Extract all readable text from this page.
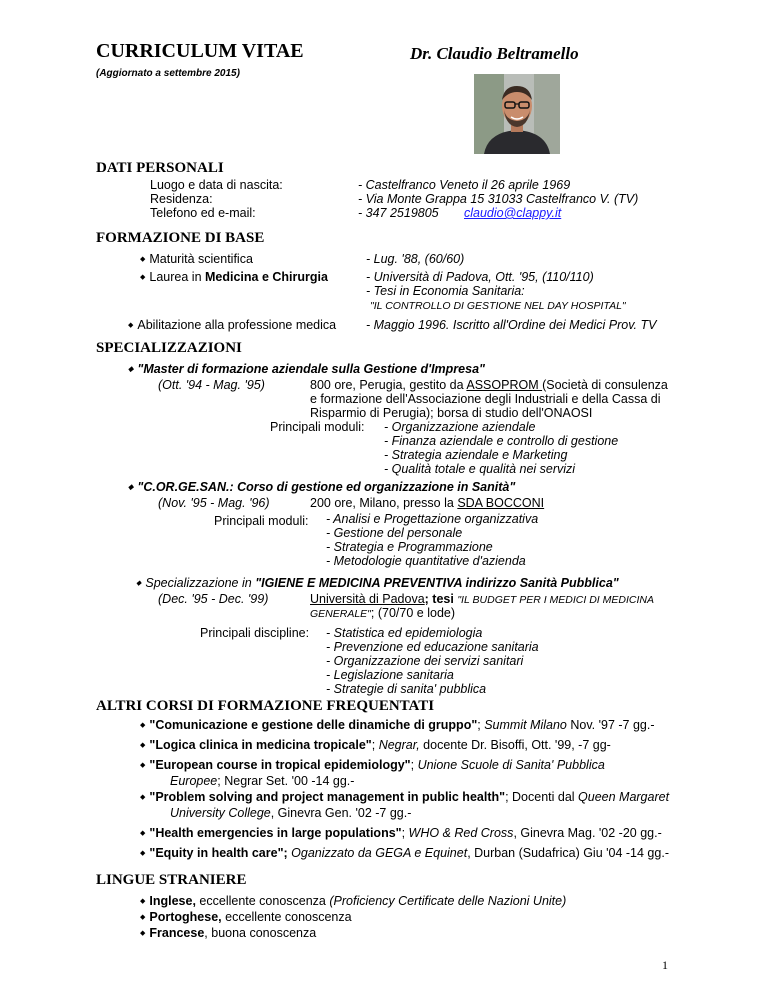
CURRICULUM VITAE	Dr. Claudio Beltramello
(Aggiornato a settembre 2015)
DATI PERSONALI
Luogo e data di nascita:	- Castelfranco Veneto il 26 aprile 1969
Residenza:	- Via Monte Grappa 15 31033 Castelfranco V. (TV)
Telefono ed e-mail:	- 347 2519805 claudio@clappy.it
FORMAZIONE DI BASE
◆ Maturità scientifica	- Lug. '88, (60/60)
◆ Laurea in Medicina e Chirurgia	- Università di Padova, Ott. '95, (110/110)
- Tesi in Economia Sanitaria:
"IL CONTROLLO DI GESTIONE NEL DAY HOSPITAL"
◆ Abilitazione alla professione medica - Maggio 1996. Iscritto all'Ordine dei Medici Prov. TV
SPECIALIZZAZIONI
◆ "Master di formazione aziendale sulla Gestione d'Impresa"
(Ott. '94 - Mag. '95)	800 ore, Perugia, gestito da ASSOPROM (Società di consulenza
e formazione dell'Associazione degli Industriali e della Cassa di
Risparmio di Perugia); borsa di studio dell'ONAOSI
Principali moduli: - Organizzazione aziendale
- Finanza aziendale e controllo di gestione
- Strategia aziendale e Marketing
- Qualità totale e qualità nei servizi
◆ "C.OR.GE.SAN.: Corso di gestione ed organizzazione in Sanità"
(Nov. '95 - Mag. '96)	200 ore, Milano, presso la SDA BOCCONI
Principali moduli: - Analisi e Progettazione organizzativa
- Gestione del personale
- Strategia e Programmazione
- Metodologie quantitative d'azienda
◆ Specializzazione in "IGIENE E MEDICINA PREVENTIVA indirizzo Sanità Pubblica"
(Dec. '95 - Dec. '99)	Università di Padova; tesi "IL BUDGET PER I MEDICI DI MEDICINA
GENERALE"; (70/70 e lode)
Principali discipline: - Statistica ed epidemiologia
- Prevenzione ed educazione sanitaria
- Organizzazione dei servizi sanitari
- Legislazione sanitaria
- Strategie di sanita' pubblica
ALTRI CORSI DI FORMAZIONE FREQUENTATI
◆ "Comunicazione e gestione delle dinamiche di gruppo"; Summit Milano Nov. '97 -7 gg.-
◆ "Logica clinica in medicina tropicale"; Negrar, docente Dr. Bisoffi, Ott. '99, -7 gg-
◆ "European course in tropical epidemiology"; Unione Scuole di Sanita' Pubblica
Europee; Negrar Set. '00 -14 gg.-
◆ "Problem solving and project management in public health"; Docenti dal Queen Margaret
University College, Ginevra Gen. '02 -7 gg.-
◆ "Health emergencies in large populations"; WHO & Red Cross, Ginevra Mag. '02 -20 gg.-
◆ "Equity in health care"; Oganizzato da GEGA e Equinet, Durban (Sudafrica) Giu '04 -14 gg.-
LINGUE STRANIERE
◆ Inglese, eccellente conoscenza (Proficiency Certificate delle Nazioni Unite)
◆ Portoghese, eccellente conoscenza
◆ Francese, buona conoscenza
1
